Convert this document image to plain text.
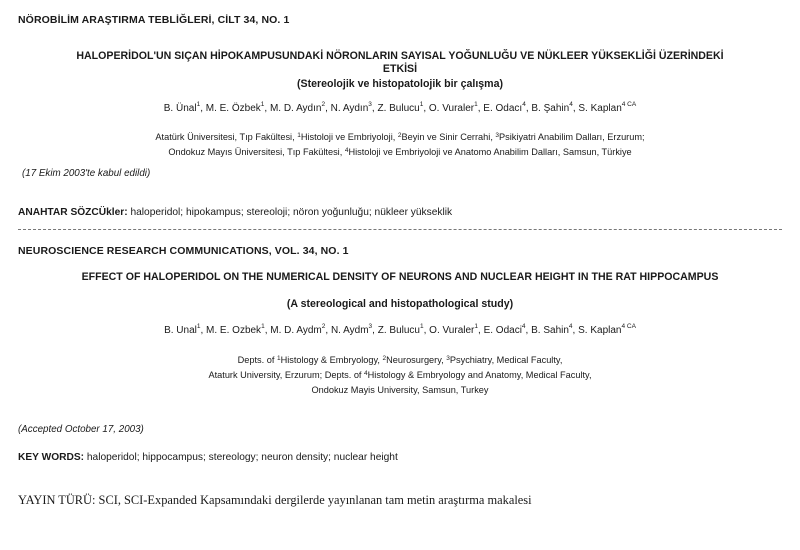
NÖROBİLİM ARAŞTIRMA TEBLİĞLERİ, CİLT 34, NO. 1
HALOPERİDOL'UN SIÇAN HİPOKAMPUSUNDAKİ NÖRONLARIN SAYISAL YOĞUNLUĞU VE NÜKLEER YÜKSEKLİĞİ ÜZERİNDEKİ
ETKİSİ
(Stereolojik ve histopatolojik bir çalışma)
B. Ünal$^1$, M. E. Özbek$^1$, M. D. Aydın$^2$, N. Aydın$^3$, Z. Bulucu$^1$, O. Vuraler$^1$, E. Odacı$^4$, B. Şahin$^4$, S. Kaplan$^{4 CA}$
Atatürk Üniversitesi, Tıp Fakültesi, $^1$Histoloji ve Embriyoloji, $^2$Beyin ve Sinir Cerrahi, $^3$Psikiyatri Anabilim Dalları, Erzurum;
Ondokuz Mayıs Üniversitesi, Tıp Fakültesi, $^4$Histoloji ve Embriyoloji ve Anatomo Anabilim Dalları, Samsun, Türkiye
(17 Ekim 2003'te kabul edildi)
ANAHTAR SÖZCÜkler: haloperidol; hipokampus; stereoloji; nöron yoğunluğu; nükleer yükseklik
NEUROSCIENCE RESEARCH COMMUNICATIONS, VOL. 34, NO. 1
EFFECT OF HALOPERIDOL ON THE NUMERICAL DENSITY OF NEURONS AND NUCLEAR HEIGHT IN THE RAT HIPPOCAMPUS
(A stereological and histopathological study)
B. Unal$^1$, M. E. Ozbek$^1$, M. D. Aydm$^2$, N. Aydm$^3$, Z. Bulucu$^1$, O. Vuraler$^1$, E. Odaci$^4$, B. Sahin$^4$, S. Kaplan$^{4 CA}$
Depts. of $^1$Histology & Embryology, $^2$Neurosurgery, $^3$Psychiatry, Medical Faculty,
Ataturk University, Erzurum; Depts. of $^4$Histology & Embryology and Anatomy, Medical Faculty,
Ondokuz Mayis University, Samsun, Turkey
(Accepted October 17, 2003)
KEY WORDS: haloperidol; hippocampus; stereology; neuron density; nuclear height
YAYIN TÜRÜ: SCI, SCI-Expanded Kapsamındaki dergilerde yayınlanan tam metin araştırma makalesi
